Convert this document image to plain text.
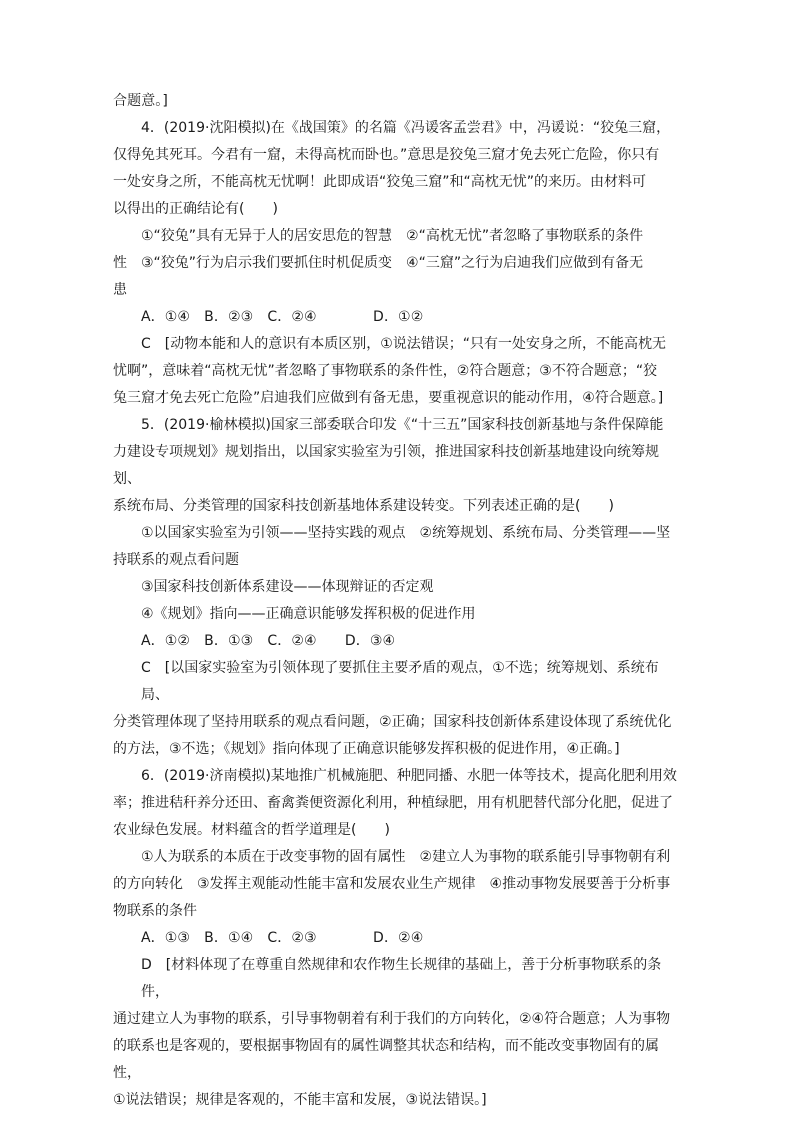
合题意。]

4．(2019·沈阳模拟)在《战国策》的名篇《冯谖客孟尝君》中，冯谖说：“狡兔三窟，
仅得免其死耳。今君有一窟，未得高枕而卧也。”意思是狡兔三窟才免去死亡危险，你只有
一处安身之所，不能高枕无忧啊！此即成语“狡兔三窟”和“高枕无忧”的来历。由材料可
以得出的正确结论有(　　)
①“狡兔”具有无异于人的居安思危的智慧　②“高枕无忧”者忽略了事物联系的条件
性　③“狡兔”行为启示我们要抓住时机促质变　④“三窟”之行为启迪我们应做到有备无
患

A．①④　B．②③　C．②④　　　　D．①②

C　[动物本能和人的意识有本质区别，①说法错误；“只有一处安身之所，不能高枕无
忧啊”，意味着“高枕无忧”者忽略了事物联系的条件性，②符合题意；③不符合题意；“狡
兔三窟才免去死亡危险”启迪我们应做到有备无患，要重视意识的能动作用，④符合题意。]
5．(2019·榆林模拟)国家三部委联合印发《“十三五”国家科技创新基地与条件保障能
力建设专项规划》规划指出，以国家实验室为引领，推进国家科技创新基地建设向统筹规划、
系统布局、分类管理的国家科技创新基地体系建设转变。下列表述正确的是(　　)
①以国家实验室为引领——坚持实践的观点　②统筹规划、系统布局、分类管理——坚
持联系的观点看问题
③国家科技创新体系建设——体现辩证的否定观
④《规划》指向——正确意识能够发挥积极的促进作用

A．①②　B．①③　C．②④　　D．③④

C　[以国家实验室为引领体现了要抓住主要矛盾的观点，①不选；统筹规划、系统布局、
分类管理体现了坚持用联系的观点看问题，②正确；国家科技创新体系建设体现了系统优化
的方法，③不选；《规划》指向体现了正确意识能够发挥积极的促进作用，④正确。]
6．(2019·济南模拟)某地推广机械施肥、种肥同播、水肥一体等技术，提高化肥利用效
率；推进秸秆养分还田、畜禽粪便资源化利用，种植绿肥，用有机肥替代部分化肥，促进了
农业绿色发展。材料蕴含的哲学道理是(　　)
①人为联系的本质在于改变事物的固有属性　②建立人为事物的联系能引导事物朝有利
的方向转化　③发挥主观能动性能丰富和发展农业生产规律　④推动事物发展要善于分析事
物联系的条件

A．①③　B．①④　C．②③　　　　D．②④

D　[材料体现了在尊重自然规律和农作物生长规律的基础上，善于分析事物联系的条件，
通过建立人为事物的联系，引导事物朝着有利于我们的方向转化，②④符合题意；人为事物
的联系也是客观的，要根据事物固有的属性调整其状态和结构，而不能改变事物固有的属性，
①说法错误；规律是客观的，不能丰富和发展，③说法错误。]
